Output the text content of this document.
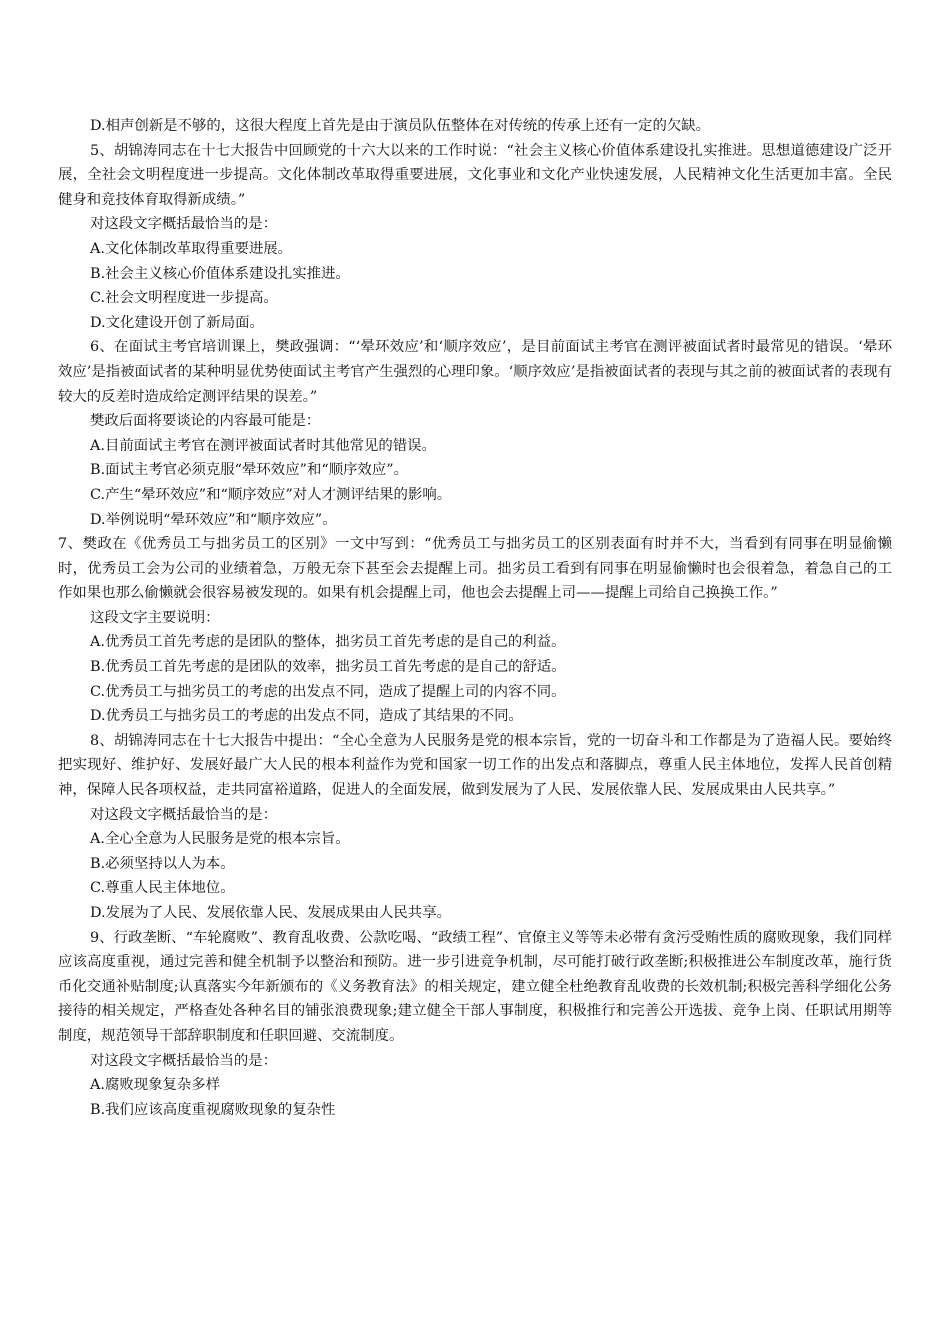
D.相声创新是不够的，这很大程度上首先是由于演员队伍整体在对传统的传承上还有一定的欠缺。

5、胡锦涛同志在十七大报告中回顾党的十六大以来的工作时说：“社会主义核心价值体系建设扎实推进。思想道德建设广泛开展，全社会文明程度进一步提高。文化体制改革取得重要进展，文化事业和文化产业快速发展，人民精神文化生活更加丰富。全民健身和竞技体育取得新成绩。”

对这段文字概括最恰当的是：

A.文化体制改革取得重要进展。

B.社会主义核心价值体系建设扎实推进。

C.社会文明程度进一步提高。

D.文化建设开创了新局面。

6、在面试主考官培训课上，樊政强调：“‘晕环效应’和‘顺序效应’，是目前面试主考官在测评被面试者时最常见的错误。‘晕环效应’是指被面试者的某种明显优势使面试主考官产生强烈的心理印象。‘顺序效应’是指被面试者的表现与其之前的被面试者的表现有较大的反差时造成给定测评结果的误差。”

樊政后面将要谈论的内容最可能是：

A.目前面试主考官在测评被面试者时其他常见的错误。

B.面试主考官必须克服“晕环效应”和“顺序效应”。

C.产生“晕环效应”和“顺序效应”对人才测评结果的影响。

D.举例说明“晕环效应”和“顺序效应”。

7、樊政在《优秀员工与拙劣员工的区别》一文中写到：“优秀员工与拙劣员工的区别表面有时并不大，当看到有同事在明显偷懒时，优秀员工会为公司的业绩着急，万般无奈下甚至会去提醒上司。拙劣员工看到有同事在明显偷懒时也会很着急，着急自己的工作如果也那么偷懒就会很容易被发现的。如果有机会提醒上司，他也会去提醒上司——提醒上司给自己换换工作。”

这段文字主要说明：

A.优秀员工首先考虑的是团队的整体，拙劣员工首先考虑的是自己的利益。

B.优秀员工首先考虑的是团队的效率，拙劣员工首先考虑的是自己的舒适。

C.优秀员工与拙劣员工的考虑的出发点不同，造成了提醒上司的内容不同。

D.优秀员工与拙劣员工的考虑的出发点不同，造成了其结果的不同。

8、胡锦涛同志在十七大报告中提出：“全心全意为人民服务是党的根本宗旨，党的一切奋斗和工作都是为了造福人民。要始终把实现好、维护好、发展好最广大人民的根本利益作为党和国家一切工作的出发点和落脚点，尊重人民主体地位，发挥人民首创精神，保障人民各项权益，走共同富裕道路，促进人的全面发展，做到发展为了人民、发展依靠人民、发展成果由人民共享。”

对这段文字概括最恰当的是：

A.全心全意为人民服务是党的根本宗旨。

B.必须坚持以人为本。

C.尊重人民主体地位。

D.发展为了人民、发展依靠人民、发展成果由人民共享。

9、行政垄断、“车轮腐败”、教育乱收费、公款吃喝、“政绩工程”、官僚主义等等未必带有贪污受贿性质的腐败现象，我们同样应该高度重视，通过完善和健全机制予以整治和预防。进一步引进竞争机制，尽可能打破行政垄断;积极推进公车制度改革，施行货币化交通补贴制度;认真落实今年新颁布的《义务教育法》的相关规定，建立健全杜绝教育乱收费的长效机制;积极完善科学细化公务接待的相关规定，严格查处各种名目的铺张浪费现象;建立健全干部人事制度，积极推行和完善公开选拔、竞争上岗、任职试用期等制度，规范领导干部辞职制度和任职回避、交流制度。

对这段文字概括最恰当的是：

A.腐败现象复杂多样

B.我们应该高度重视腐败现象的复杂性
